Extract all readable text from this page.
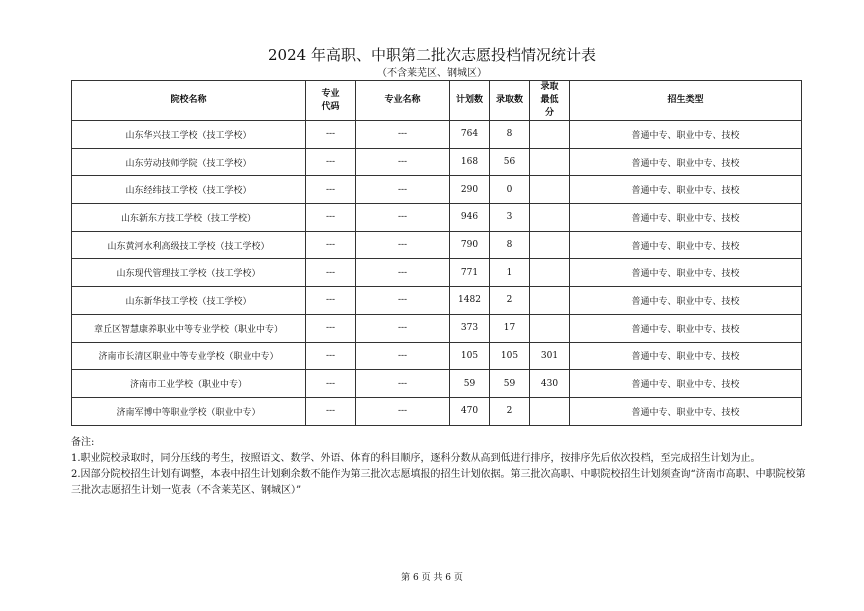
2024 年高职、中职第二批次志愿投档情况统计表
（不含莱芜区、钢城区）
院校名称	专业代码	专业名称	计划数	录取数	录取最低分	招生类型
山东华兴技工学校（技工学校）	---	---	764	8		普通中专、职业中专、技校
山东劳动技师学院（技工学校）	---	---	168	56		普通中专、职业中专、技校
山东经纬技工学校（技工学校）	---	---	290	0		普通中专、职业中专、技校
山东新东方技工学校（技工学校）	---	---	946	3		普通中专、职业中专、技校
山东黄河水利高级技工学校（技工学校）	---	---	790	8		普通中专、职业中专、技校
山东现代管理技工学校（技工学校）	---	---	771	1		普通中专、职业中专、技校
山东新华技工学校（技工学校）	---	---	1482	2		普通中专、职业中专、技校
章丘区智慧康养职业中等专业学校（职业中专）	---	---	373	17		普通中专、职业中专、技校
济南市长清区职业中等专业学校（职业中专）	---	---	105	105	301	普通中专、职业中专、技校
济南市工业学校（职业中专）	---	---	59	59	430	普通中专、职业中专、技校
济南军博中等职业学校（职业中专）	---	---	470	2		普通中专、职业中专、技校

备注:

1.职业院校录取时，同分压线的考生，按照语文、数学、外语、体育的科目顺序，逐科分数从高到低进行排序，按排序先后依次投档，至完成招生计划为止。

2.因部分院校招生计划有调整，本表中招生计划剩余数不能作为第三批次志愿填报的招生计划依据。第三批次高职、中职院校招生计划须查询“济南市高职、中职院校第三批次志愿招生计划一览表（不含莱芜区、钢城区）”

第 6 页 共 6 页
